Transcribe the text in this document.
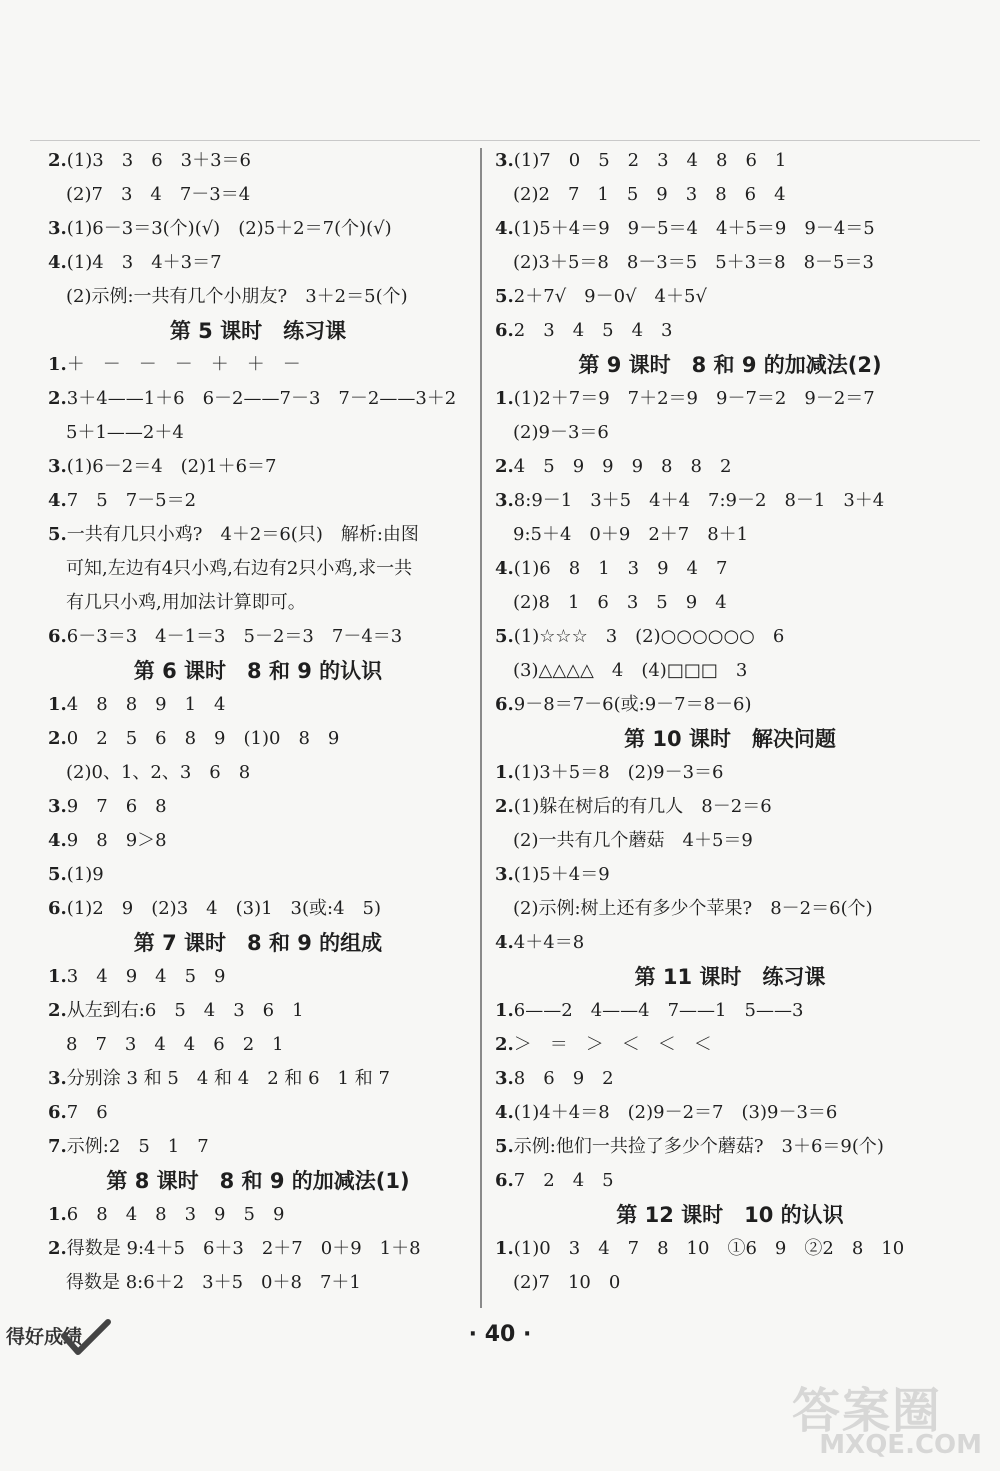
2.(1)3　3　6　3＋3＝6
(2)7　3　4　7－3＝4
3.(1)6－3＝3(个)(√)　(2)5＋2＝7(个)(√)
4.(1)4　3　4＋3＝7
(2)示例:一共有几个小朋友?　3＋2＝5(个)
第 5 课时　练习课
1.＋　－　－　－　＋　＋　－
2.3＋4——1＋6　6－2——7－3　7－2——3＋2
5＋1——2＋4
3.(1)6－2＝4　(2)1＋6＝7
4.7　5　7－5＝2
5.一共有几只小鸡?　4＋2＝6(只)　解析:由图
可知,左边有4只小鸡,右边有2只小鸡,求一共
有几只小鸡,用加法计算即可。
6.6－3＝3　4－1＝3　5－2＝3　7－4＝3
第 6 课时　8 和 9 的认识
1.4　8　8　9　1　4
2.0　2　5　6　8　9　(1)0　8　9
(2)0、1、2、3　6　8
3.9　7　6　8
4.9　8　9＞8
5.(1)9
6.(1)2　9　(2)3　4　(3)1　3(或:4　5)
第 7 课时　8 和 9 的组成
1.3　4　9　4　5　9
2.从左到右:6　5　4　3　6　1
8　7　3　4　4　6　2　1
3.分别涂 3 和 5　4 和 4　2 和 6　1 和 7
6.7　6
7.示例:2　5　1　7
第 8 课时　8 和 9 的加减法(1)
1.6　8　4　8　3　9　5　9
2.得数是 9:4＋5　6＋3　2＋7　0＋9　1＋8
得数是 8:6＋2　3＋5　0＋8　7＋1
3.(1)7　0　5　2　3　4　8　6　1
(2)2　7　1　5　9　3　8　6　4
4.(1)5＋4＝9　9－5＝4　4＋5＝9　9－4＝5
(2)3＋5＝8　8－3＝5　5＋3＝8　8－5＝3
5.2＋7√　9－0√　4＋5√
6.2　3　4　5　4　3
第 9 课时　8 和 9 的加减法(2)
1.(1)2＋7＝9　7＋2＝9　9－7＝2　9－2＝7
(2)9－3＝6
2.4　5　9　9　9　8　8　2
3.8:9－1　3＋5　4＋4　7:9－2　8－1　3＋4
9:5＋4　0＋9　2＋7　8＋1
4.(1)6　8　1　3　9　4　7
(2)8　1　6　3　5　9　4
5.(1)☆☆☆　3　(2)○○○○○○　6
(3)△△△△　4　(4)□□□　3
6.9－8＝7－6(或:9－7＝8－6)
第 10 课时　解决问题
1.(1)3＋5＝8　(2)9－3＝6
2.(1)躲在树后的有几人　8－2＝6
(2)一共有几个蘑菇　4＋5＝9
3.(1)5＋4＝9
(2)示例:树上还有多少个苹果?　8－2＝6(个)
4.4＋4＝8
第 11 课时　练习课
1.6——2　4——4　7——1　5——3
2.＞　＝　＞　＜　＜　＜
3.8　6　9　2
4.(1)4＋4＝8　(2)9－2＝7　(3)9－3＝6
5.示例:他们一共捡了多少个蘑菇?　3＋6＝9(个)
6.7　2　4　5
第 12 课时　10 的认识
1.(1)0　3　4　7　8　10　①6　9　②2　8　10
(2)7　10　0
得好成绩	· 40 ·
答案圈
MXQE.COM
